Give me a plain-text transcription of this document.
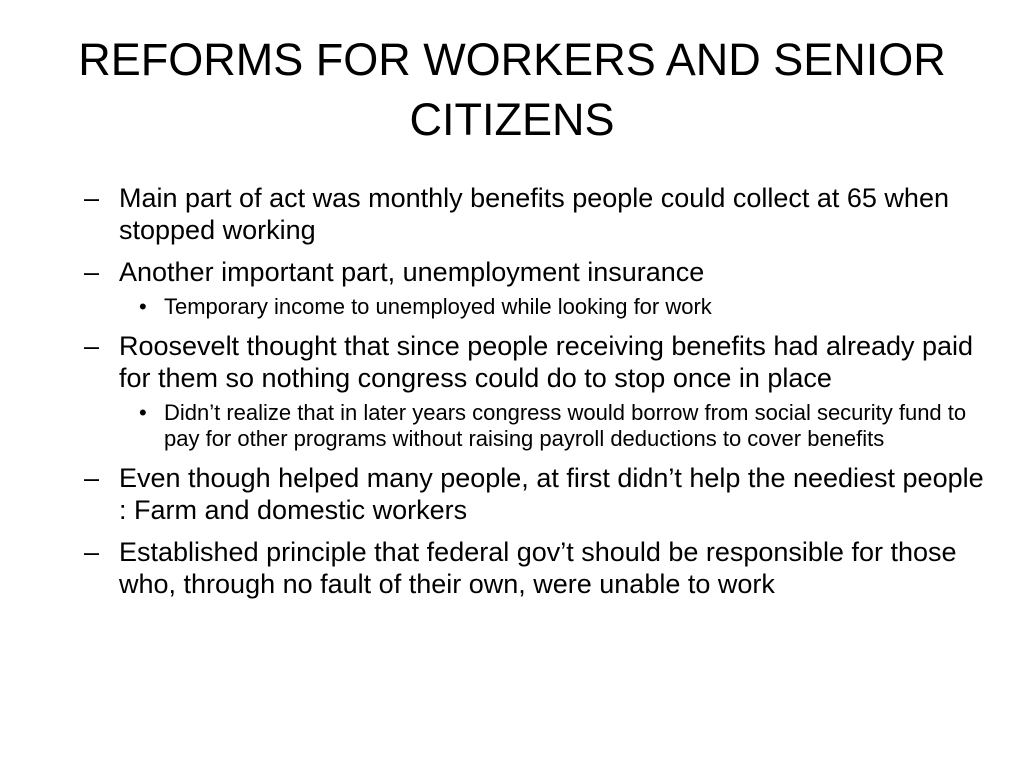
REFORMS FOR WORKERS AND SENIOR CITIZENS
– Main part of act was monthly benefits people could collect at 65 when stopped working
– Another important part, unemployment insurance
• Temporary income to unemployed while looking for work
– Roosevelt thought that since people receiving benefits had already paid for them so nothing congress could do to stop once in place
• Didn’t realize that in later years congress would borrow from social security fund to pay for other programs without raising payroll deductions to cover benefits
– Even though helped many people, at first didn’t help the neediest people : Farm and domestic workers
– Established principle that federal gov’t should be responsible for those who, through no fault of their own, were unable to work
